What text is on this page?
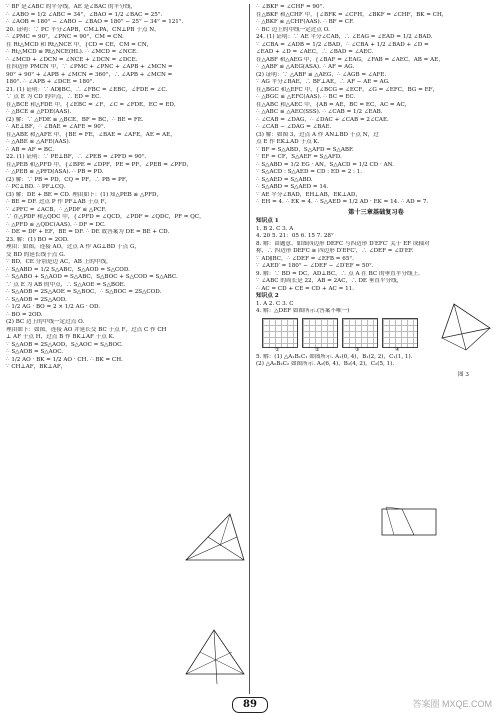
∵ BF 是∠ABC 的平分线，AE 是∠BAC 的平分线，
∴ ∠ABO = 1/2 ∠ABC = 34°，∠BAO = 1/2 ∠BAC = 25°.
∴ ∠AOB = 180° − ∠ABO − ∠BAO = 180° − 25° − 34° = 121°.
20. 证明：∵ PC 平分∠APB，CM⊥PA，CN⊥PB 于点 N，
∴ ∠PMC = 90°，∠PNC = 90°，CM = CN.
在 Rt△MCD 和 Rt△NCE 中，{CD = CE，CM = CN，
∴ Rt△MCD ≌ Rt△NCE(HL). ∴ ∠MCD = ∠NCE.
∴ ∠MCD + ∠DCN = ∠NCE + ∠DCN = ∠DCE.
在四边形 PMCN 中，∵ ∠PMC + ∠PNC + ∠APB + ∠MCN =
90° + 90° + ∠APB + ∠MCN = 360°，∴ ∠APB + ∠MCN =
180°. ∴ ∠APB + ∠DCE = 180°.
21. (1) 证明：∵ AD∥BC，∴ ∠FBC = ∠EBC，∠FDE = ∠C.
∵ 点 E 为 CD 的中点，∴ ED = EC.
在△BCE 和△FDE 中，{∠EBC = ∠F，∠C = ∠FDE，EC = ED，
∴ △BCE ≌ △FDE(AAS).
(2) 解：∵ △FDE ≌ △BCE，BF = BC，∴ BE = FE.
∴ AE⊥BF，∴ ∠BAE = ∠AFE = 90°.
在△ABE 和△AFE 中，{BE = FE，∠BAE = ∠AFE，AE = AE，
∴ △ABE ≌ △AFE(AAS).
∴ AB = AF = BC.
22. (1) 证明：∵ PE⊥BF，∴ ∠PEB = ∠PFD = 90°.
在△PEB 和△PFD 中，{∠BPE = ∠DPF，PE = PF，∠PEB = ∠PFD，
∴ △PEB ≌ △PFD(ASA). ∴ PB = PD.
(2) 解：∵ PB = PD，CQ = PF，∴ PB = PF，
∴ PC⊥BD. ∴ PF⊥CQ.
(3) 解：DE + BE = CD. 理由如下：(1) 知△PEB ≌ △PFD，
∴ BE = DF. 过点 P 作 PF⊥AB 于点 F，
∵ ∠PFC = ∠ACB，∴ △PDF ≌ △PCF.
∵ 在△PDF 和△QDC 中，{∠PFD = ∠QCD，∠PDF = ∠QDC，PF = QC，
∴ △PFD ≌ △QDC(AAS). ∴ DF = DC.
∴ DE = DF + EF，BE = DF. ∴ DE 故答案为 DE = BE + CD.
23. 解：(1) BO = 2OD.
理由：如图，连接 AO，过点 A 作 AG⊥BD 于点 G，
交 BD 的延长线于点 G.
∵ BD，CE 分别是边 AC，AB 上的中线，
∴ S△ABD = 1/2 S△ABC，S△AOD = S△COD.
∴ S△ABO + S△AOD = S△ABC，S△BOC + S△COD = S△ABC.
∵ 点 E 为 AB 的中点，∴ S△AOE = S△BOE.
∴ S△AOB = 2S△AOE = S△BOC，∴ S△BOC = 2S△COD.
∴ S△AOB = 2S△AOD.
∴ 1/2 AG · BO = 2 × 1/2 AG · OD.
∴ BO = 2OD.
(2) BC 边上的中线一定过点 O.
理由如下：如图，连接 AO 并延长交 BC 于点 F，过点 C 作 CH
⊥ AF 于点 H，过点 B 作 BK⊥AF 于点 K.
∵ S△AOB = 2S△AOD，S△AOC = S△BOC.
∴ S△AOB = S△AOC.
∴ 1/2 AO · BK = 1/2 AO · CH. ∴ BK = CH.
∵ CH⊥AF，BK⊥AF，
∴ ∠BKF = ∠CHF = 90°.
在△BKF 和△CHF 中，{∠BFK = ∠CFH，∠BKF = ∠CHF，BK = CH，
∴ △BKF ≌ △CHF(AAS). ∴ BF = CF.
∴ BC 边上的中线一定过点 O.
24. (1) 证明：∵ AE 平分∠CAB，∴ ∠EAG = ∠EAD = 1/2 ∠BAD.
∵ ∠CBA = ∠ADB = 1/2 ∠BAD，∴ ∠CBA + 1/2 ∠BAD + ∠D =
∠EAD + ∠D = ∠AEC，∴ ∠BAD = ∠AEC.
在△ABF 和△AEG 中，{∠BAF = ∠EAG，∠FAB = ∠AEC，AB = AE，
∴ △ABF ≌ △AEG(ASA). ∴ AF = AG.
(2) 证明：∵ △ABF ≌ △AEG，∴ ∠AGB = ∠AFE.
∵ AG 平分∠BAE，∴ BF⊥AE，∴ AF − AE = AG.
在△BGC 和△EFC 中，{∠BCG = ∠ECF，∠G = ∠EFC，BG = EF，
∴ △BGC ≌ △EFC(AAS). ∴ BC = EC.
在△ABC 和△AEC 中，{AB = AE，BC = EC，AC = AC，
∴ △ABC ≌ △AEC(SSS). ∴ ∠CAB = 1/2 ∠EAB.
∴ ∠CAB = ∠DAG，∴ ∠DAC + ∠CAB = 2∠CAE.
∴ ∠CAB − ∠DAG = ∠BAE.
(3) 解：如图 3，过点 A 作 AN⊥BD 于点 N，过
点 E 作 EK⊥AD 于点 K.
∵ BF = S△ABD，S△AFD = S△ABF.
∵ EF = CF，S△AEF = S△AFD.
∴ S△ABD = 1/2 EG · AN，S△ACD = 1/2 CD · AN.
∵ S△ACD : S△AED = CD : ED = 2 : 1.
∴ S△AED = S△ABD.
∴ S△ABD = S△AED = 14.
∵ AE 平分∠BAD，EH⊥AB，EK⊥AD，
∴ EH = 4. ∴ EK = 4. ∴ S△AED = 1/2 AD · EK = 14. ∴ AD = 7.
第十三章基础复习卷
知识点 1
1. B 2. C 3. A
4. 20 5. 21：05 6. 15 7. 28°
8. 解：由题意，如图四边形 DEFC 与四边形 D′EFC′ 关于 EF 成轴对
称，∴ 四边形 DEFC ≅ 四边形 D′EFC′，∴ ∠DEF = ∠D′EF.
∵ AD∥BC，∴ ∠DEF = ∠EFB = 65°.
∵ ∠AED′ = 180° − ∠DEF − ∠D′EF = 50°.
9. 解：∵ BD = DC，AD⊥BC，∴ 点 A 在 BC 的垂直平分线上.
∵ ∠ABC 的周长是 22，AB = 2AC，∴ DE 垂直平分线，
∴ AC = CD + CE = CD + AC = 11.
知识点 2
1. A 2. C 3. C
4. 解：△DEF 如图所示.(答案不唯一)
①	②	③	④
5. 解：(1) △A₁B₁C₁ 如图所示. A₁(0, 4)，B₁(2, 2)，C₁(1, 1).
(2) △A₂B₂C₂ 如图所示. A₂(6, 4)，B₂(4, 2)，C₂(5, 1).
图 3
89	答案圈 MXQE.COM
